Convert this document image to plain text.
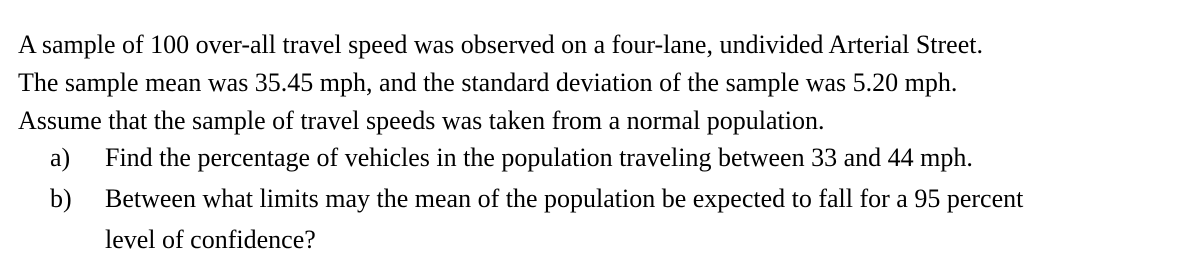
A sample of 100 over-all travel speed was observed on a four-lane, undivided Arterial Street.
The sample mean was 35.45 mph, and the standard deviation of the sample was 5.20 mph.
Assume that the sample of travel speeds was taken from a normal population.
a) Find the percentage of vehicles in the population traveling between 33 and 44 mph.
b) Between what limits may the mean of the population be expected to fall for a 95 percent
level of confidence?
